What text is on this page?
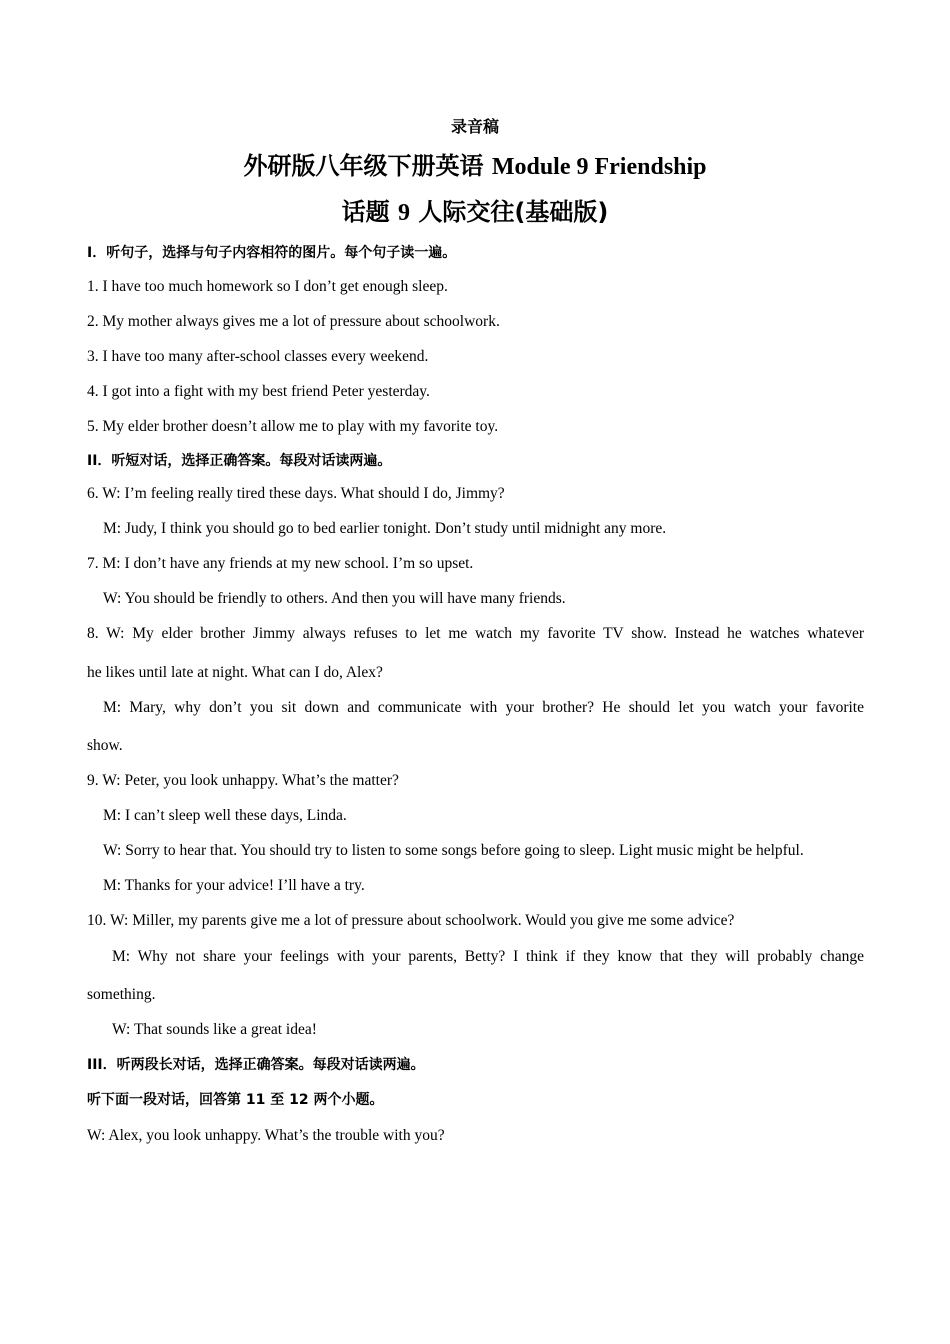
录音稿
外研版八年级下册英语 Module 9 Friendship
话题 9 人际交往(基础版)
I．听句子，选择与句子内容相符的图片。每个句子读一遍。
1. I have too much homework so I don’t get enough sleep.
2. My mother always gives me a lot of pressure about schoolwork.
3. I have too many after-school classes every weekend.
4. I got into a fight with my best friend Peter yesterday.
5. My elder brother doesn’t allow me to play with my favorite toy.
II．听短对话，选择正确答案。每段对话读两遍。
6. W: I’m feeling really tired these days. What should I do, Jimmy?
M: Judy, I think you should go to bed earlier tonight. Don’t study until midnight any more.
7. M: I don’t have any friends at my new school. I’m so upset.
W: You should be friendly to others. And then you will have many friends.
8. W: My elder brother Jimmy always refuses to let me watch my favorite TV show. Instead he watches whatever
he likes until late at night. What can I do, Alex?
M: Mary, why don’t you sit down and communicate with your brother? He should let you watch your favorite
show.
9. W: Peter, you look unhappy. What’s the matter?
M: I can’t sleep well these days, Linda.
W: Sorry to hear that. You should try to listen to some songs before going to sleep. Light music might be helpful.
M: Thanks for your advice! I’ll have a try.
10. W: Miller, my parents give me a lot of pressure about schoolwork. Would you give me some advice?
M: Why not share your feelings with your parents, Betty? I think if they know that they will probably change
something.
W: That sounds like a great idea!
III．听两段长对话，选择正确答案。每段对话读两遍。
听下面一段对话，回答第 11 至 12 两个小题。
W: Alex, you look unhappy. What’s the trouble with you?
